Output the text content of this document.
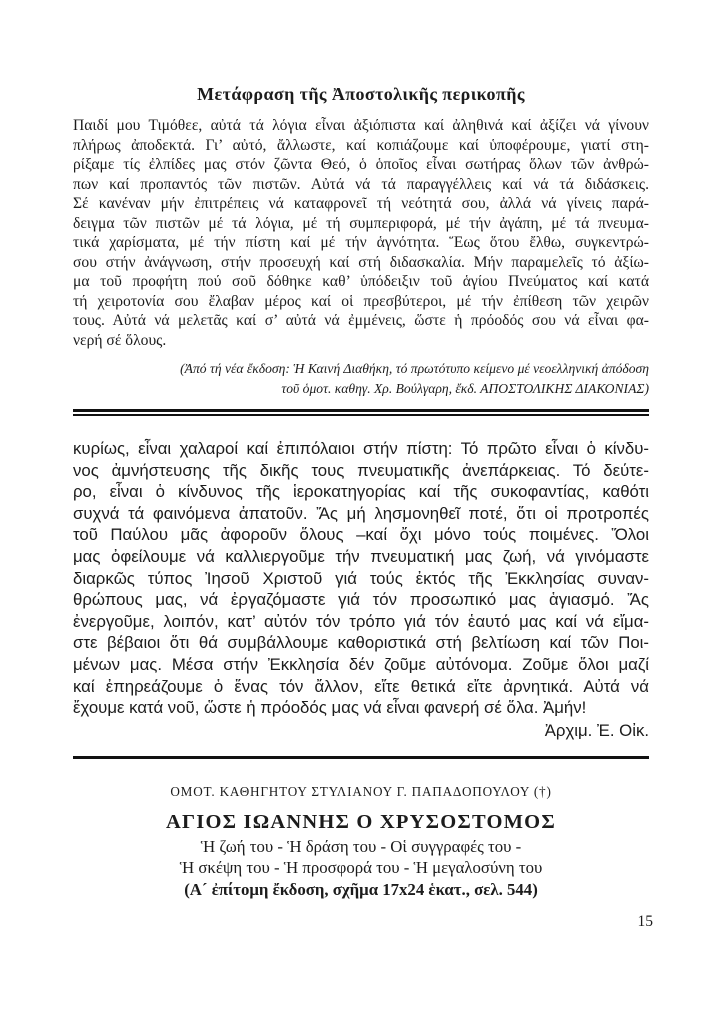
Μετάφραση τῆς Ἀποστολικῆς περικοπῆς
Παιδί μου Τιμόθεε, αὐτά τά λόγια εἶναι ἀξιόπιστα καί ἀληθινά καί ἀξίζει νά γίνουν
πλήρως ἀποδεκτά. Γι’ αὐτό, ἄλλωστε, καί κοπιάζουμε καί ὑποφέρουμε, γιατί στη-
ρίξαμε τίς ἐλπίδες μας στόν ζῶντα Θεό, ὁ ὁποῖος εἶναι σωτήρας ὅλων τῶν ἀνθρώ-
πων καί προπαντός τῶν πιστῶν. Αὐτά νά τά παραγγέλλεις καί νά τά διδάσκεις.
Σέ κανέναν μήν ἐπιτρέπεις νά καταφρονεῖ τή νεότητά σου, ἀλλά νά γίνεις παρά-
δειγμα τῶν πιστῶν μέ τά λόγια, μέ τή συμπεριφορά, μέ τήν ἀγάπη, μέ τά πνευμα-
τικά χαρίσματα, μέ τήν πίστη καί μέ τήν ἁγνότητα. Ἕως ὅτου ἔλθω, συγκεντρώ-
σου στήν ἀνάγνωση, στήν προσευχή καί στή διδασκαλία. Μήν παραμελεῖς τό ἀξίω-
μα τοῦ προφήτη πού σοῦ δόθηκε καθ’ ὑπόδειξιν τοῦ ἁγίου Πνεύματος καί κατά
τή χειροτονία σου ἔλαβαν μέρος καί οἱ πρεσβύτεροι, μέ τήν ἐπίθεση τῶν χειρῶν
τους. Αὐτά νά μελετᾶς καί σ’ αὐτά νά ἐμμένεις, ὥστε ἡ πρόοδός σου νά εἶναι φα-
νερή σέ ὅλους.
(Ἀπό τή νέα ἔκδοση: Ἡ Καινή Διαθήκη, τό πρωτότυπο κείμενο μέ νεοελληνική ἀπόδοση
τοῦ ὁμοτ. καθηγ. Χρ. Βούλγαρη, ἔκδ. ΑΠΟΣΤΟΛΙΚΗΣ ΔΙΑΚΟΝΙΑΣ)
κυρίως, εἶναι χαλαροί καί ἐπιπόλαιοι στήν πίστη: Τό πρῶτο εἶναι ὁ κίνδυ-
νος ἀμνήστευσης τῆς δικῆς τους πνευματικῆς ἀνεπάρκειας. Τό δεύτε-
ρο, εἶναι ὁ κίνδυνος τῆς ἱεροκατηγορίας καί τῆς συκοφαντίας, καθότι
συχνά τά φαινόμενα ἀπατοῦν. Ἄς μή λησμονηθεῖ ποτέ, ὅτι οἱ προτροπές
τοῦ Παύλου μᾶς ἀφοροῦν ὅλους –καί ὄχι μόνο τούς ποιμένες. Ὅλοι
μας ὀφείλουμε νά καλλιεργοῦμε τήν πνευματική μας ζωή, νά γινόμαστε
διαρκῶς τύπος Ἰησοῦ Χριστοῦ γιά τούς ἐκτός τῆς Ἐκκλησίας συναν-
θρώπους μας, νά ἐργαζόμαστε γιά τόν προσωπικό μας ἁγιασμό. Ἄς
ἐνεργοῦμε, λοιπόν, κατ’ αὐτόν τόν τρόπο γιά τόν ἑαυτό μας καί νά εἴμα-
στε βέβαιοι ὅτι θά συμβάλλουμε καθοριστικά στή βελτίωση καί τῶν Ποι-
μένων μας. Μέσα στήν Ἐκκλησία δέν ζοῦμε αὐτόνομα. Ζοῦμε ὅλοι μαζί
καί ἐπηρεάζουμε ὁ ἕνας τόν ἄλλον, εἴτε θετικά εἴτε ἀρνητικά. Αὐτά νά
ἔχουμε κατά νοῦ, ὥστε ἡ πρόοδός μας νά εἶναι φανερή σέ ὅλα. Ἀμήν!
Ἀρχιμ. Ἐ. Οἰκ.
ΟΜΟΤ. ΚΑΘΗΓΗΤΟΥ ΣΤΥΛΙΑΝΟΥ Γ. ΠΑΠΑΔΟΠΟΥΛΟΥ (†)
ΑΓΙΟΣ ΙΩΑΝΝΗΣ Ο ΧΡΥΣΟΣΤΟΜΟΣ
Ἡ ζωή του - Ἡ δράση του - Οἱ συγγραφές του -
Ἡ σκέψη του - Ἡ προσφορά του - Ἡ μεγαλοσύνη του
(Α´ ἐπίτομη ἔκδοση, σχῆμα 17x24 ἑκατ., σελ. 544)
15
